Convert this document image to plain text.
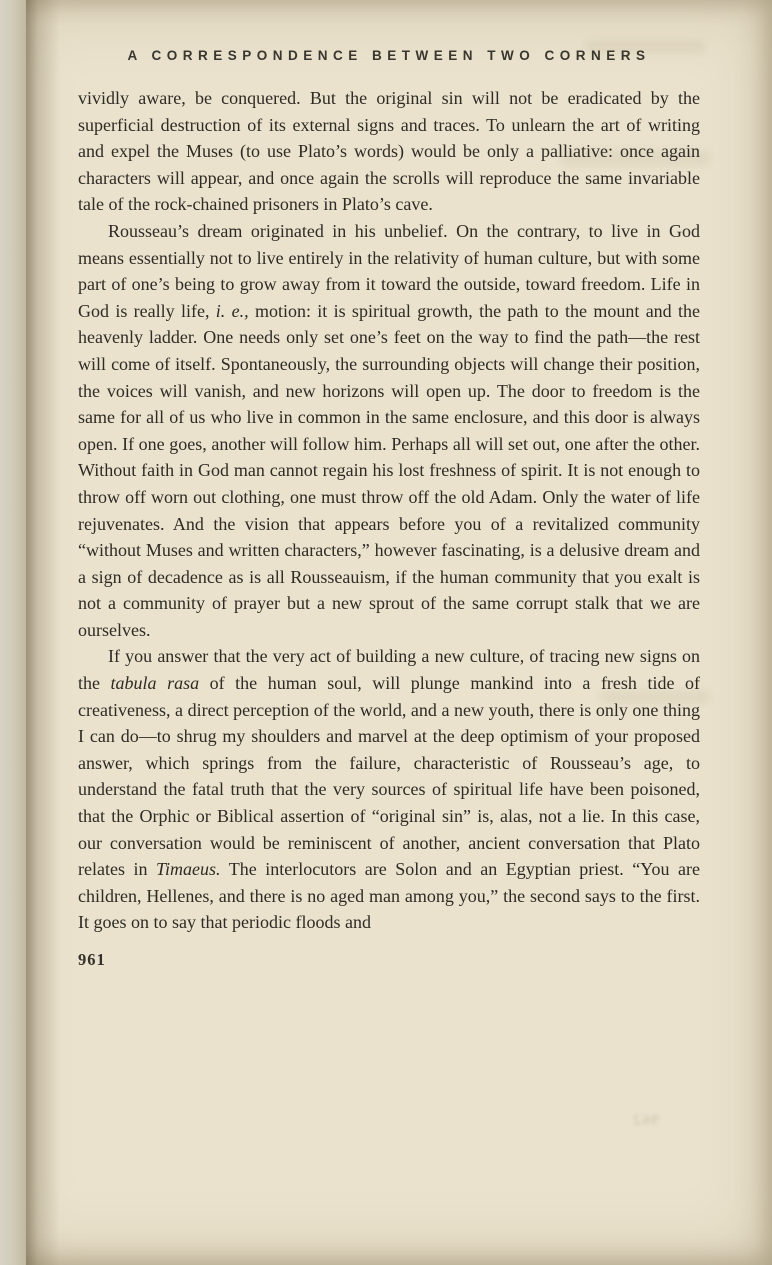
A CORRESPONDENCE BETWEEN TWO CORNERS

vividly aware, be conquered. But the original sin will not be eradicated by the superficial destruction of its external signs and traces. To unlearn the art of writing and expel the Muses (to use Plato’s words) would be only a palliative: once again characters will appear, and once again the scrolls will reproduce the same invariable tale of the rock-chained prisoners in Plato’s cave.

Rousseau’s dream originated in his unbelief. On the contrary, to live in God means essentially not to live entirely in the relativity of human culture, but with some part of one’s being to grow away from it toward the outside, toward freedom. Life in God is really life, i. e., motion: it is spiritual growth, the path to the mount and the heavenly ladder. One needs only set one’s feet on the way to find the path—the rest will come of itself. Spontaneously, the surrounding objects will change their position, the voices will vanish, and new horizons will open up. The door to freedom is the same for all of us who live in common in the same enclosure, and this door is always open. If one goes, another will follow him. Perhaps all will set out, one after the other. Without faith in God man cannot regain his lost freshness of spirit. It is not enough to throw off worn out clothing, one must throw off the old Adam. Only the water of life rejuvenates. And the vision that appears before you of a revitalized community “without Muses and written characters,” however fascinating, is a delusive dream and a sign of decadence as is all Rousseauism, if the human community that you exalt is not a community of prayer but a new sprout of the same corrupt stalk that we are ourselves.

If you answer that the very act of building a new culture, of tracing new signs on the tabula rasa of the human soul, will plunge mankind into a fresh tide of creativeness, a direct perception of the world, and a new youth, there is only one thing I can do—to shrug my shoulders and marvel at the deep optimism of your proposed answer, which springs from the failure, characteristic of Rousseau’s age, to understand the fatal truth that the very sources of spiritual life have been poisoned, that the Orphic or Biblical assertion of “original sin” is, alas, not a lie. In this case, our conversation would be reminiscent of another, ancient conversation that Plato relates in Timaeus. The interlocutors are Solon and an Egyptian priest. “You are children, Hellenes, and there is no aged man among you,” the second says to the first. It goes on to say that periodic floods and

961
962
